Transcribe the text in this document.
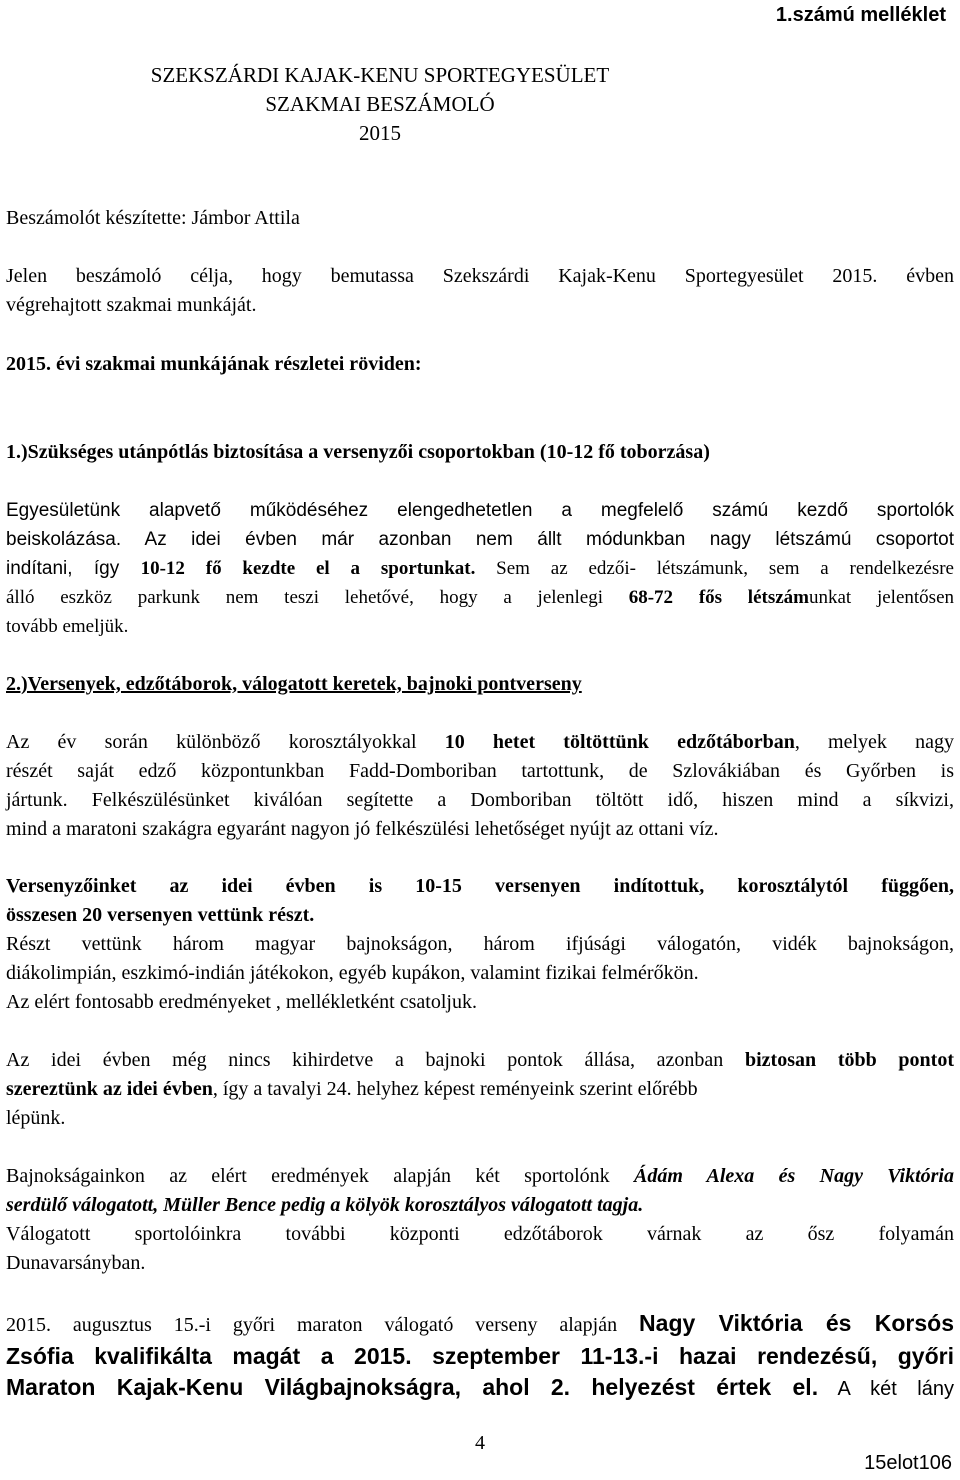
1.számú melléklet
SZEKSZÁRDI KAJAK-KENU SPORTEGYESÜLET
SZAKMAI BESZÁMOLÓ
2015
Beszámolót készítette: Jámbor Attila
Jelen beszámoló célja, hogy bemutassa Szekszárdi Kajak-Kenu Sportegyesület 2015. évben
végrehajtott szakmai munkáját.
2015. évi szakmai munkájának részletei röviden:
1.)Szükséges utánpótlás biztosítása a versenyzői csoportokban (10-12 fő toborzása)
Egyesületünk alapvető működéséhez elengedhetetlen a megfelelő számú kezdő sportolók
beiskolázása. Az idei évben már azonban nem állt módunkban nagy létszámú csoportot
indítani, így 10-12 fő kezdte el a sportunkat. Sem az edzői- létszámunk, sem a rendelkezésre
álló eszköz parkunk nem teszi lehetővé, hogy a jelenlegi 68-72 fős létszámunkat jelentősen
tovább emeljük.
2.)Versenyek, edzőtáborok, válogatott keretek, bajnoki pontverseny
Az év során különböző korosztályokkal 10 hetet töltöttünk edzőtáborban, melyek nagy
részét saját edző központunkban Fadd-Domboriban tartottunk, de Szlovákiában és Győrben is
jártunk. Felkészülésünket kiválóan segítette a Domboriban töltött idő, hiszen mind a síkvizi,
mind a maratoni szakágra egyaránt nagyon jó felkészülési lehetőséget nyújt az ottani víz.
Versenyzőinket az idei évben is 10-15 versenyen indítottuk, korosztálytól függően,
összesen 20 versenyen vettünk részt.
Részt vettünk három magyar bajnokságon, három ifjúsági válogatón, vidék bajnokságon,
diákolimpián, eszkimó-indián játékokon, egyéb kupákon, valamint fizikai felmérőkön.
Az elért fontosabb eredményeket , mellékletként csatoljuk.
Az idei évben még nincs kihirdetve a bajnoki pontok állása, azonban biztosan több pontot
szereztünk az idei évben, így a tavalyi 24. helyhez képest reményeink szerint előrébb
lépünk.
Bajnokságainkon az elért eredmények alapján két sportolónk Ádám Alexa és Nagy Viktória
serdülő válogatott, Müller Bence pedig a kölyök korosztályos válogatott tagja.
Válogatott sportolóinkra további központi edzőtáborok várnak az ősz folyamán
Dunavarsányban.
2015. augusztus 15.-i győri maraton válogató verseny alapján Nagy Viktória és Korsós
Zsófia kvalifikálta magát a 2015. szeptember 11-13.-i hazai rendezésű, győri
Maraton Kajak-Kenu Világbajnokságra, ahol 2. helyezést értek el. A két lány
4
15elot106
